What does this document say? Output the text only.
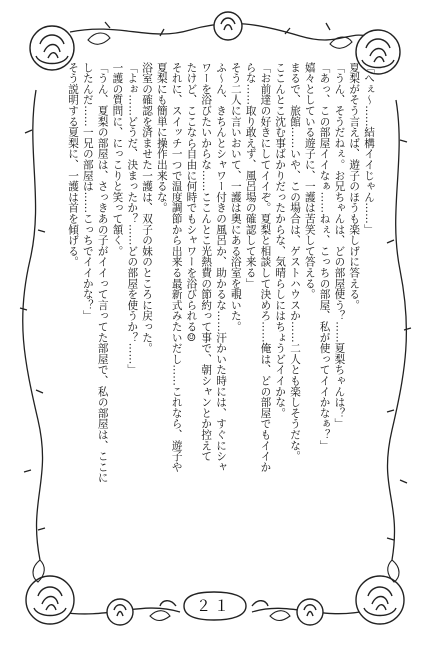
「へぇ～……結構イイじゃん……」

夏梨がそう言えば、遊子のほうも楽しげに答える。

「うん、そうだねぇ。お兄ちゃんは、どの部屋使う？……夏梨ちゃんは？」

「あっ、この部屋イイなぁ……ねぇ、こっちの部屋、私が使ってイイかなぁ？」

嬉々としている遊子に、一護は苦笑して答える。

まるで、旅館……いや、この場合は、ゲストハウスか……二人とも楽しそうだな。

ここんとこ沈む事ばかりだったからな、気晴らしにはちょうどイイかな。

「お前達の好きにしてイイぞ。夏梨と相談して決めろ……俺は、どの部屋でもイイか

らな……取り敢えず、風呂場の確認して来る」

そう二人に言いおいて、一護は奥にある浴室を覗いた。

ふ～ん、きちんとシャワー付きの風呂か、助かるな……汗かいた時には、すぐにシャ

ワーを浴びたいからな……ここんとこ光熱費の節約って事で、朝シャンとか控えて

たけど、ここなら自由に何時でもシャワーを浴びられる☺

それに、スイッチ一つで温度調節から出来る最新式みたいだし……これなら、遊子や

夏梨にも簡単に操作出来るな。

浴室の確認を済ませた一護は、双子の妹のところに戻った。

「よぉ……どうだ、決まったか？……どの部屋を使うか？……」

一護の質問に、にっこりと笑って頷く。

「うん、夏梨の部屋は、さっきあの子がイイって言ってた部屋で、私の部屋は、ここに

したんだ……一兄の部屋は……こっちでイイかな？」

そう説明する夏梨に、一護は首を傾げる。

２１
